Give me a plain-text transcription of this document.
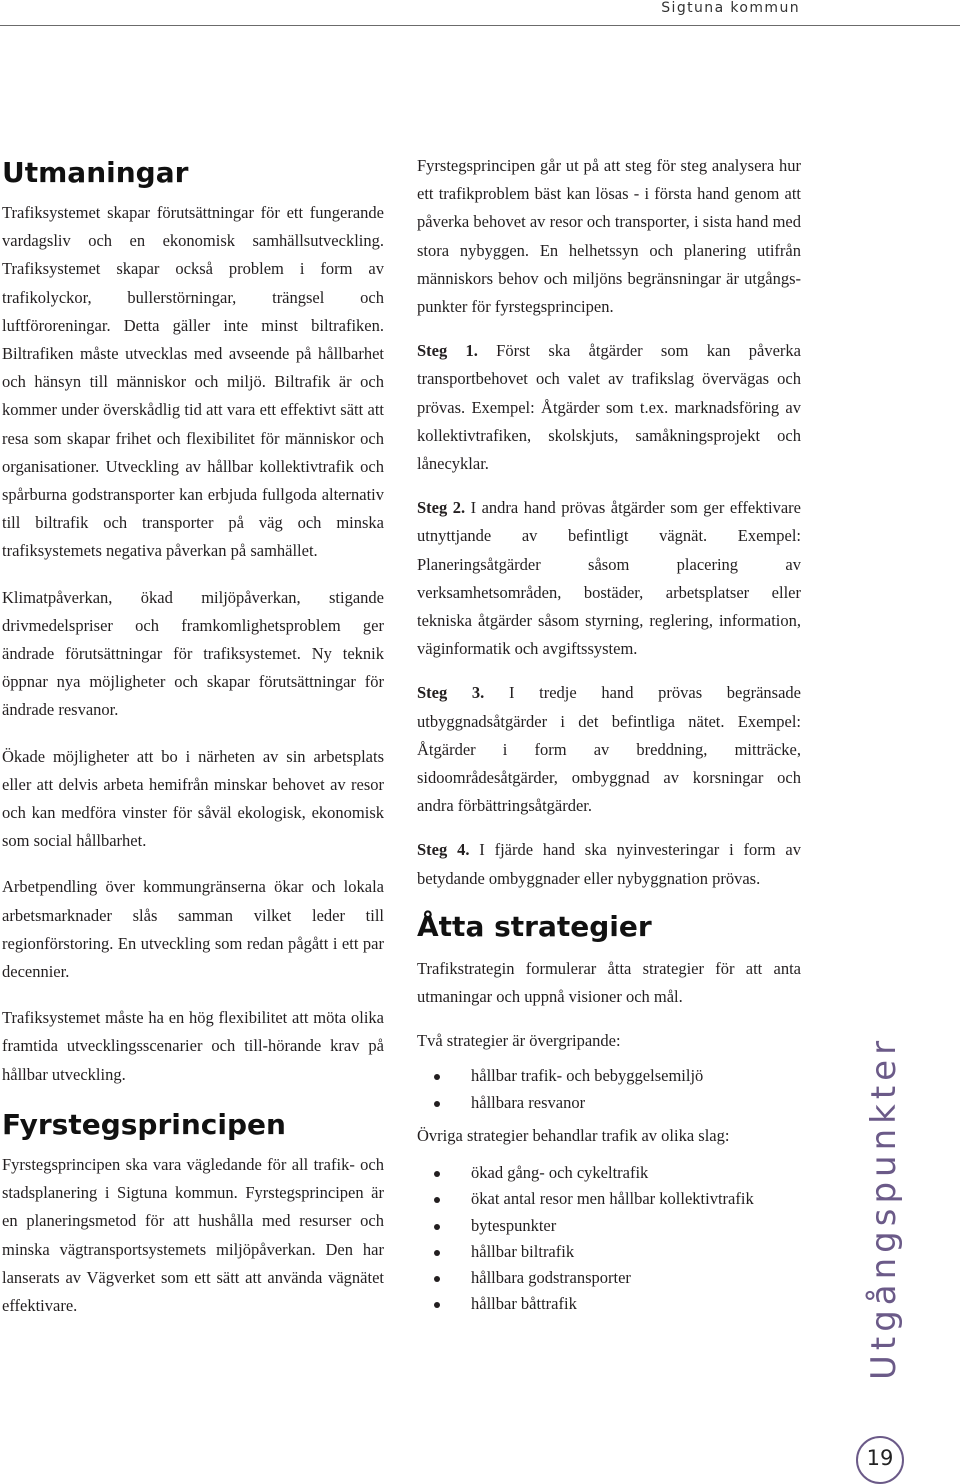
Sigtuna kommun
Utmaningar

Trafiksystemet skapar förutsättningar för ett fungerande vardagsliv och en ekonomisk samhällsutveckling. Trafiksystemet skapar också problem i form av trafikolyckor, bullerstörningar, trängsel och luftföroreningar. Detta gäller inte minst biltrafiken. Biltrafiken måste utvecklas med avseende på hållbarhet och hänsyn till människor och miljö. Biltrafik är och kommer under överskådlig tid att vara ett effektivt sätt att resa som skapar frihet och flexibilitet för människor och organisationer. Utveckling av hållbar kollektivtrafik och spårburna godstransporter kan erbjuda fullgoda alternativ till biltrafik och transporter på väg och minska trafiksystemets negativa påverkan på samhället.

Klimatpåverkan, ökad miljöpåverkan, stigande drivmedelspriser och framkomlighetsproblem ger ändrade förutsättningar för trafiksystemet. Ny teknik öppnar nya möjligheter och skapar förutsättningar för ändrade resvanor.

Ökade möjligheter att bo i närheten av sin arbetsplats eller att delvis arbeta hemifrån minskar behovet av resor och kan medföra vinster för såväl ekologisk, ekonomisk som social hållbarhet.

Arbetpendling över kommungränserna ökar och lokala arbetsmarknader slås samman vilket leder till regionförstoring. En utveckling som redan pågått i ett par decennier.

Trafiksystemet måste ha en hög flexibilitet att möta olika framtida utvecklingsscenarier och till-hörande krav på hållbar utveckling.

Fyrstegsprincipen

Fyrstegsprincipen ska vara vägledande för all trafik- och stadsplanering i Sigtuna kommun. Fyrstegsprincipen är en planeringsmetod för att hushålla med resurser och minska vägtransportsystemets miljöpåverkan. Den har lanserats av Vägverket som ett sätt att använda vägnätet effektivare.

Fyrstegsprincipen går ut på att steg för steg analysera hur ett trafikproblem bäst kan lösas - i första hand genom att påverka behovet av resor och transporter, i sista hand med stora nybyggen. En helhetssyn och planering utifrån människors behov och miljöns begränsningar är utgångs-punkter för fyrstegsprincipen.

Steg 1. Först ska åtgärder som kan påverka transportbehovet och valet av trafikslag övervägas och prövas. Exempel: Åtgärder som t.ex. marknadsföring av kollektivtrafiken, skolskjuts, samåkningsprojekt och lånecyklar.

Steg 2. I andra hand prövas åtgärder som ger effektivare utnyttjande av befintligt vägnät. Exempel: Planeringsåtgärder såsom placering av verksamhetsområden, bostäder, arbetsplatser eller tekniska åtgärder såsom styrning, reglering, information, väginformatik och avgiftssystem.

Steg 3. I tredje hand prövas begränsade utbyggnadsåtgärder i det befintliga nätet. Exempel: Åtgärder i form av breddning, mitträcke, sidoområdesåtgärder, ombyggnad av korsningar och andra förbättringsåtgärder.

Steg 4. I fjärde hand ska nyinvesteringar i form av betydande ombyggnader eller nybyggnation prövas.

Åtta strategier

Trafikstrategin formulerar åtta strategier för att anta utmaningar och uppnå visioner och mål.

Två strategier är övergripande:

hållbar trafik- och bebyggelsemiljö
hållbara resvanor

Övriga strategier behandlar trafik av olika slag:

ökad gång- och cykeltrafik
ökat antal resor men hållbar kollektivtrafik
bytespunkter
hållbar biltrafik
hållbara godstransporter
hållbar båttrafik	Utgångspunkter
19
